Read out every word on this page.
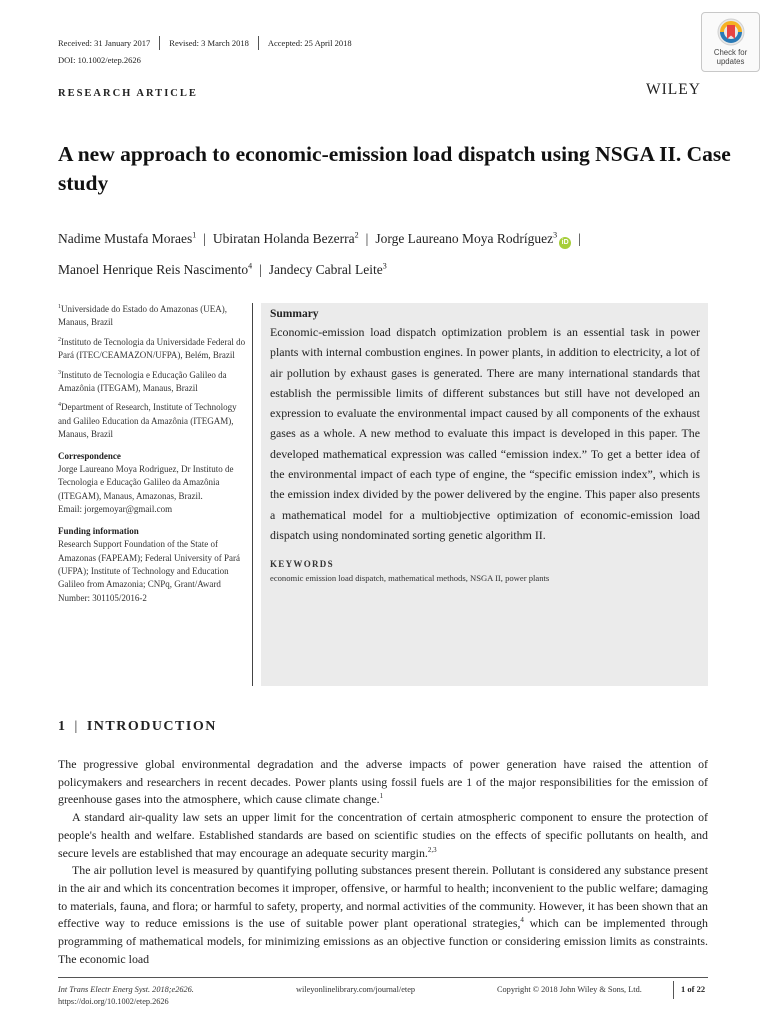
Received: 31 January 2017 Revised: 3 March 2018 Accepted: 25 April 2018
DOI: 10.1002/etep.2626
RESEARCH ARTICLE	WILEY
Check for
updates
A new approach to economic-emission load dispatch using NSGA II. Case study
Nadime Mustafa Moraes$^1$ | Ubiratan Holanda Bezerra$^2$ | Jorge Laureano Moya Rodríguez$^3$iD |
Manoel Henrique Reis Nascimento$^4$ | Jandecy Cabral Leite$^3$
$^1$Universidade do Estado do Amazonas (UEA), Manaus, Brazil
$^2$Instituto de Tecnologia da Universidade Federal do Pará (ITEC/CEAMAZON/UFPA), Belém, Brazil
$^3$Instituto de Tecnologia e Educação Galileo da Amazônia (ITEGAM), Manaus, Brazil
$^4$Department of Research, Institute of Technology and Galileo Education da Amazônia (ITEGAM), Manaus, Brazil
Correspondence
Jorge Laureano Moya Rodriguez, Dr Instituto de Tecnologia e Educação Galileo da Amazônia (ITEGAM), Manaus, Amazonas, Brazil.
Email: jorgemoyar@gmail.com
Funding information
Research Support Foundation of the State of Amazonas (FAPEAM); Federal University of Pará (UFPA); Institute of Technology and Education Galileo from Amazonia; CNPq, Grant/Award Number: 301105/2016-2
Summary
Economic-emission load dispatch optimization problem is an essential task in power plants with internal combustion engines. In power plants, in addition to electricity, a lot of air pollution by exhaust gases is generated. There are many international standards that establish the permissible limits of different substances but still have not developed an expression to evaluate the environmental impact caused by all components of the exhaust gases as a whole. A new method to evaluate this impact is developed in this paper. The developed mathematical expression was called “emission index.” To get a better idea of the environmental impact of each type of engine, the “specific emission index”, which is the emission index divided by the power delivered by the engine. This paper also presents a mathematical model for a multiobjective optimization of economic-emission load dispatch using nondominated sorting genetic algorithm II.
KEYWORDS
economic emission load dispatch, mathematical methods, NSGA II, power plants
1 | INTRODUCTION

The progressive global environmental degradation and the adverse impacts of power generation have raised the attention of policymakers and researchers in recent decades. Power plants using fossil fuels are 1 of the major responsibilities for the emission of greenhouse gases into the atmosphere, which cause climate change.$^1$

A standard air-quality law sets an upper limit for the concentration of certain atmospheric component to ensure the protection of people's health and welfare. Established standards are based on scientific studies on the effects of specific pollutants on health, and secure levels are established that may encourage an adequate security margin.$^{2,3}$

The air pollution level is measured by quantifying polluting substances present therein. Pollutant is considered any substance present in the air and which its concentration becomes it improper, offensive, or harmful to health; inconvenient to the public welfare; damaging to materials, fauna, and flora; or harmful to safety, property, and normal activities of the community. However, it has been shown that an effective way to reduce emissions is the use of suitable power plant operational strategies,$^4$ which can be implemented through programming of mathematical models, for minimizing emissions as an objective function or considering emission limits as constraints. The economic load

Int Trans Electr Energ Syst. 2018;e2626.
https://doi.org/10.1002/etep.2626
wileyonlinelibrary.com/journal/etep	Copyright © 2018 John Wiley & Sons, Ltd.	1 of 22
